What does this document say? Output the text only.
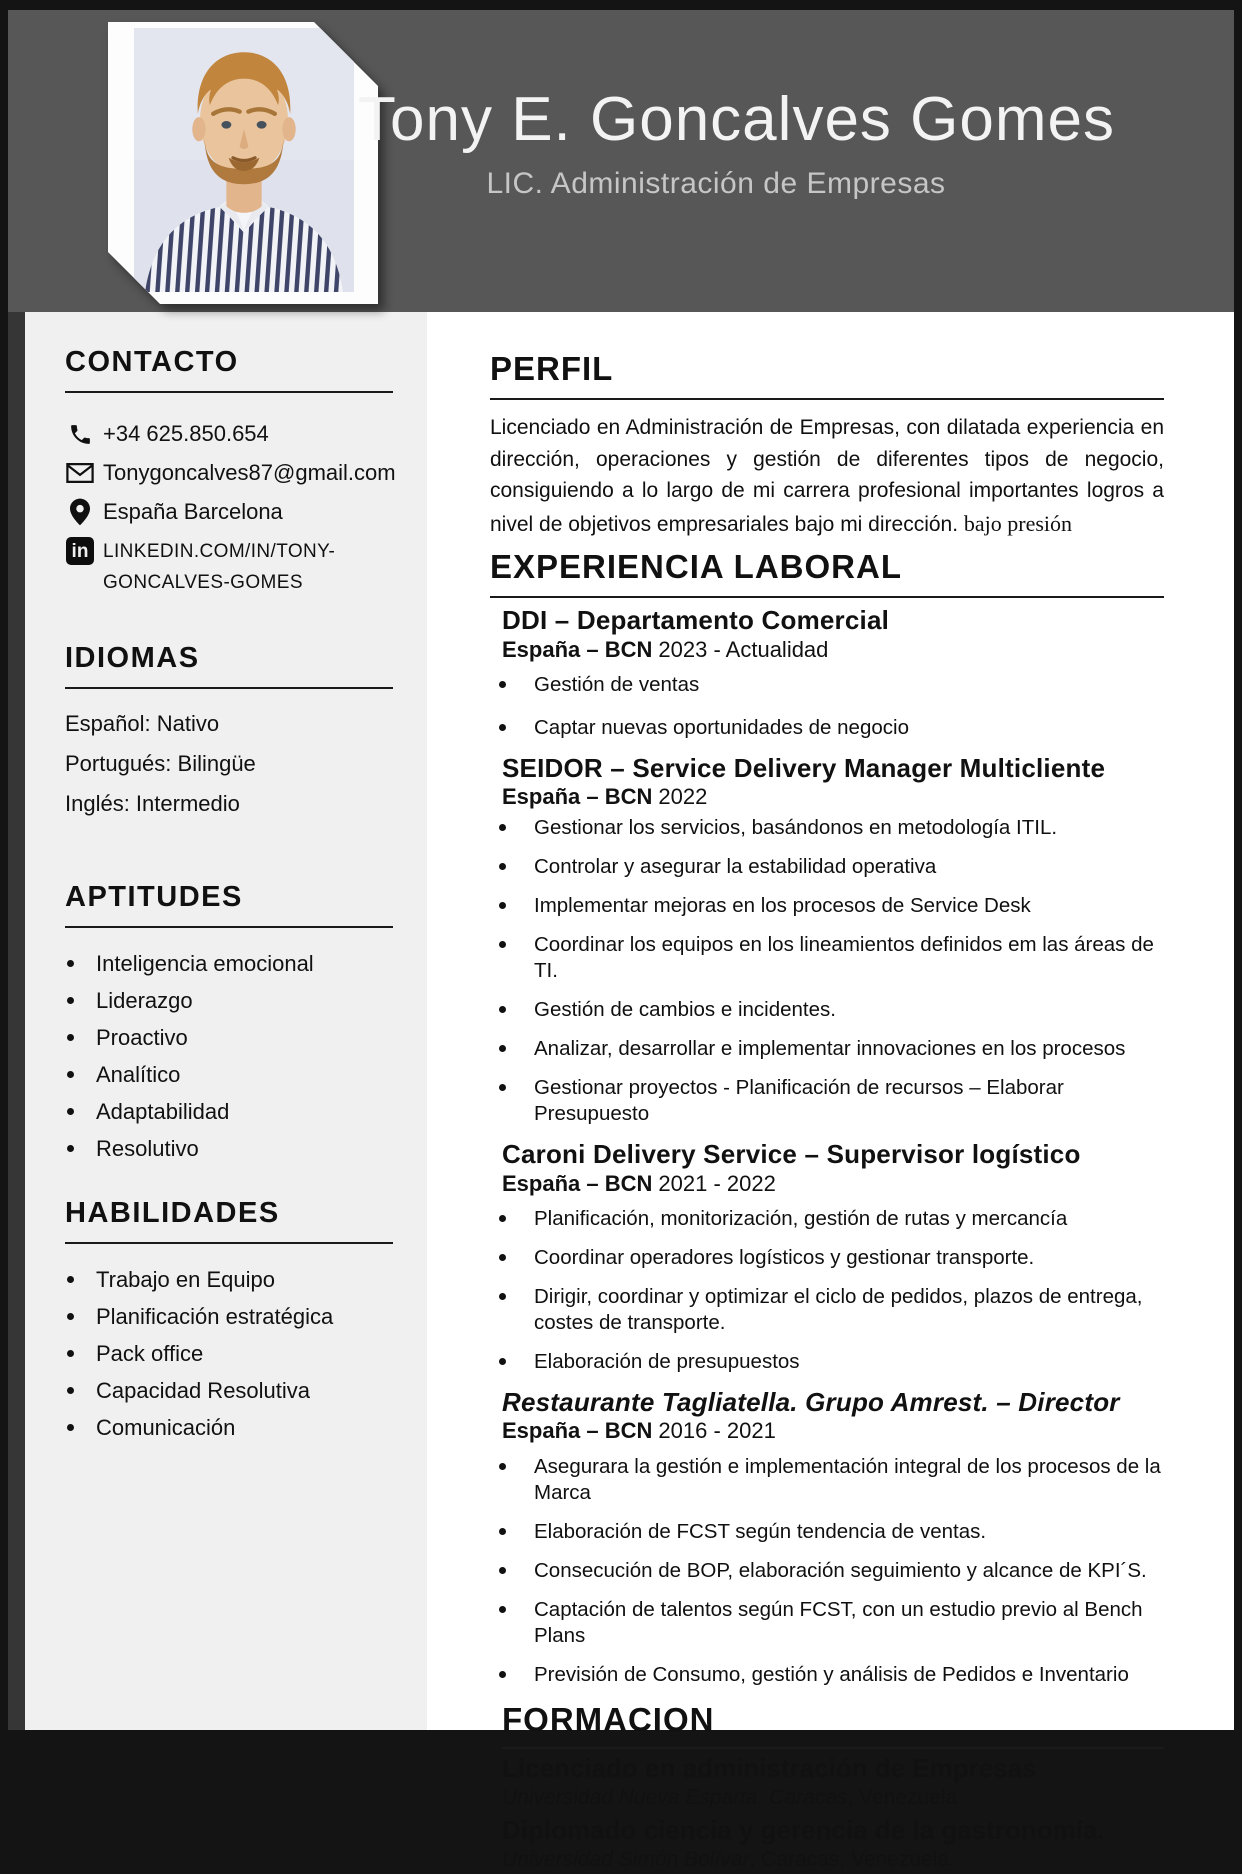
Tony E. Goncalves Gomes
LIC. Administración de Empresas
CONTACTO
+34 625.850.654
Tonygoncalves87@gmail.com
España Barcelona
in LINKEDIN.COM/IN/TONY-GONCALVES-GOMES
IDIOMAS
Español: Nativo
Portugués: Bilingüe
Inglés: Intermedio
APTITUDES
Inteligencia emocional
Liderazgo
Proactivo
Analítico
Adaptabilidad
Resolutivo
HABILIDADES
Trabajo en Equipo
Planificación estratégica
Pack office
Capacidad Resolutiva
Comunicación
PERFIL

Licenciado en Administración de Empresas, con dilatada experiencia en dirección, operaciones y gestión de diferentes tipos de negocio, consiguiendo a lo largo de mi carrera profesional importantes logros a nivel de objetivos empresariales bajo mi dirección. bajo presión

EXPERIENCIA LABORAL
DDI – Departamento Comercial
España – BCN 2023 - Actualidad
Gestión de ventas
Captar nuevas oportunidades de negocio
SEIDOR – Service Delivery Manager Multicliente
España – BCN 2022
Gestionar los servicios, basándonos en metodología ITIL.
Controlar y asegurar la estabilidad operativa
Implementar mejoras en los procesos de Service Desk
Coordinar los equipos en los lineamientos definidos em las áreas de TI.
Gestión de cambios e incidentes.
Analizar, desarrollar e implementar innovaciones en los procesos
Gestionar proyectos - Planificación de recursos – Elaborar Presupuesto
Caroni Delivery Service – Supervisor logístico
España – BCN 2021 - 2022
Planificación, monitorización, gestión de rutas y mercancía
Coordinar operadores logísticos y gestionar transporte.
Dirigir, coordinar y optimizar el ciclo de pedidos, plazos de entrega, costes de transporte.
Elaboración de presupuestos
Restaurante Tagliatella. Grupo Amrest. – Director
España – BCN 2016 - 2021
Asegurara la gestión e implementación integral de los procesos de la Marca
Elaboración de FCST según tendencia de ventas.
Consecución de BOP, elaboración seguimiento y alcance de KPI´S.
Captación de talentos según FCST, con un estudio previo al Bench Plans
Previsión de Consumo, gestión y análisis de Pedidos e Inventario
FORMACION
Licenciado en administración de Empresas
Universidad Nueva Esparta. Caracas, Venezuela
Diplomado ciencia y gerencia de la gastronomía.
Universidad Simón Bolívar, Caracas, Venezuela.
